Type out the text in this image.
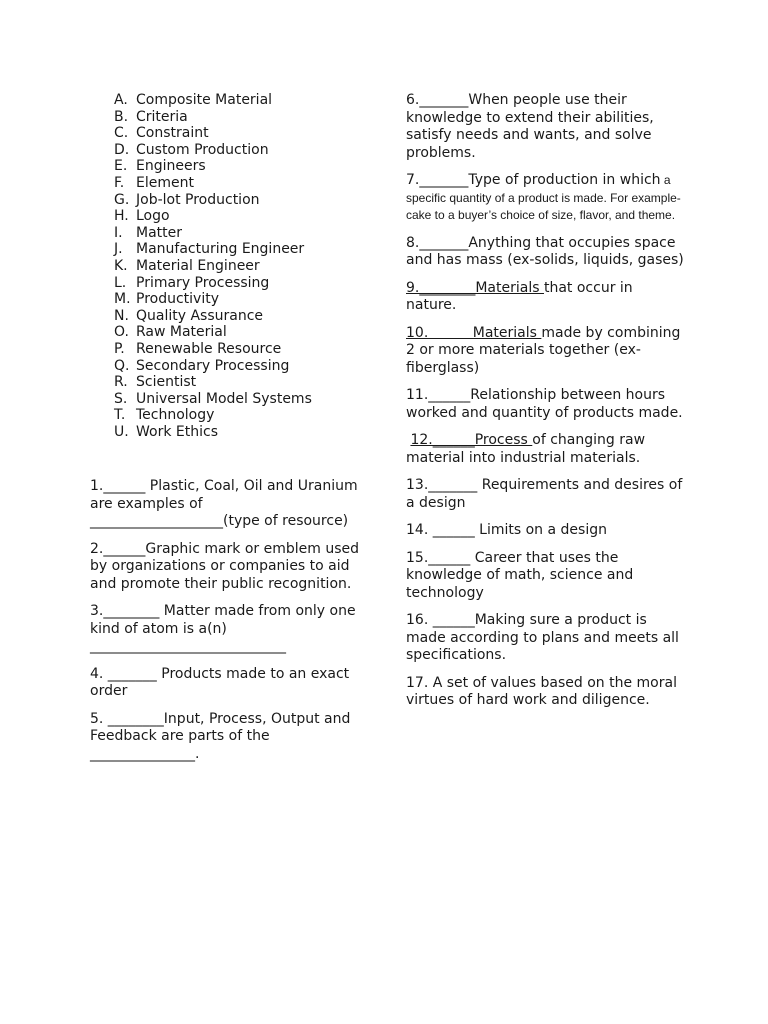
A. Composite Material
B. Criteria
C. Constraint
D. Custom Production
E. Engineers
F. Element
G. Job-lot Production
H. Logo
I. Matter
J. Manufacturing Engineer
K. Material Engineer
L. Primary Processing
M. Productivity
N. Quality Assurance
O. Raw Material
P. Renewable Resource
Q. Secondary Processing
R. Scientist
S. Universal Model Systems
T. Technology
U. Work Ethics

1.______ Plastic, Coal, Oil and Uranium are examples of
___________________(type of resource)

2.______Graphic mark or emblem used by organizations or companies to aid and promote their public recognition.

3.________ Matter made from only one kind of atom is a(n)
____________________________

4. _______ Products made to an exact order

5. ________Input, Process, Output and Feedback are parts of the
_______________.

6._______When people use their knowledge to extend their abilities, satisfy needs and wants, and solve problems.

7._______Type of production in which a specific quantity of a product is made. For example-cake to a buyer’s choice of size, flavor, and theme.

8._______Anything that occupies space and has mass (ex-solids, liquids, gases)

9.________Materials that occur in nature.

10.          Materials made by combining 2 or more materials together (ex- fiberglass)

11.______Relationship between hours worked and quantity of products made.

12.______Process of changing raw material into industrial materials.

13._______ Requirements and desires of a design

14. ______ Limits on a design

15.______ Career that uses the knowledge of math, science and technology

16. ______Making sure a product is made according to plans and meets all specifications.

17. A set of values based on the moral virtues of hard work and diligence.
